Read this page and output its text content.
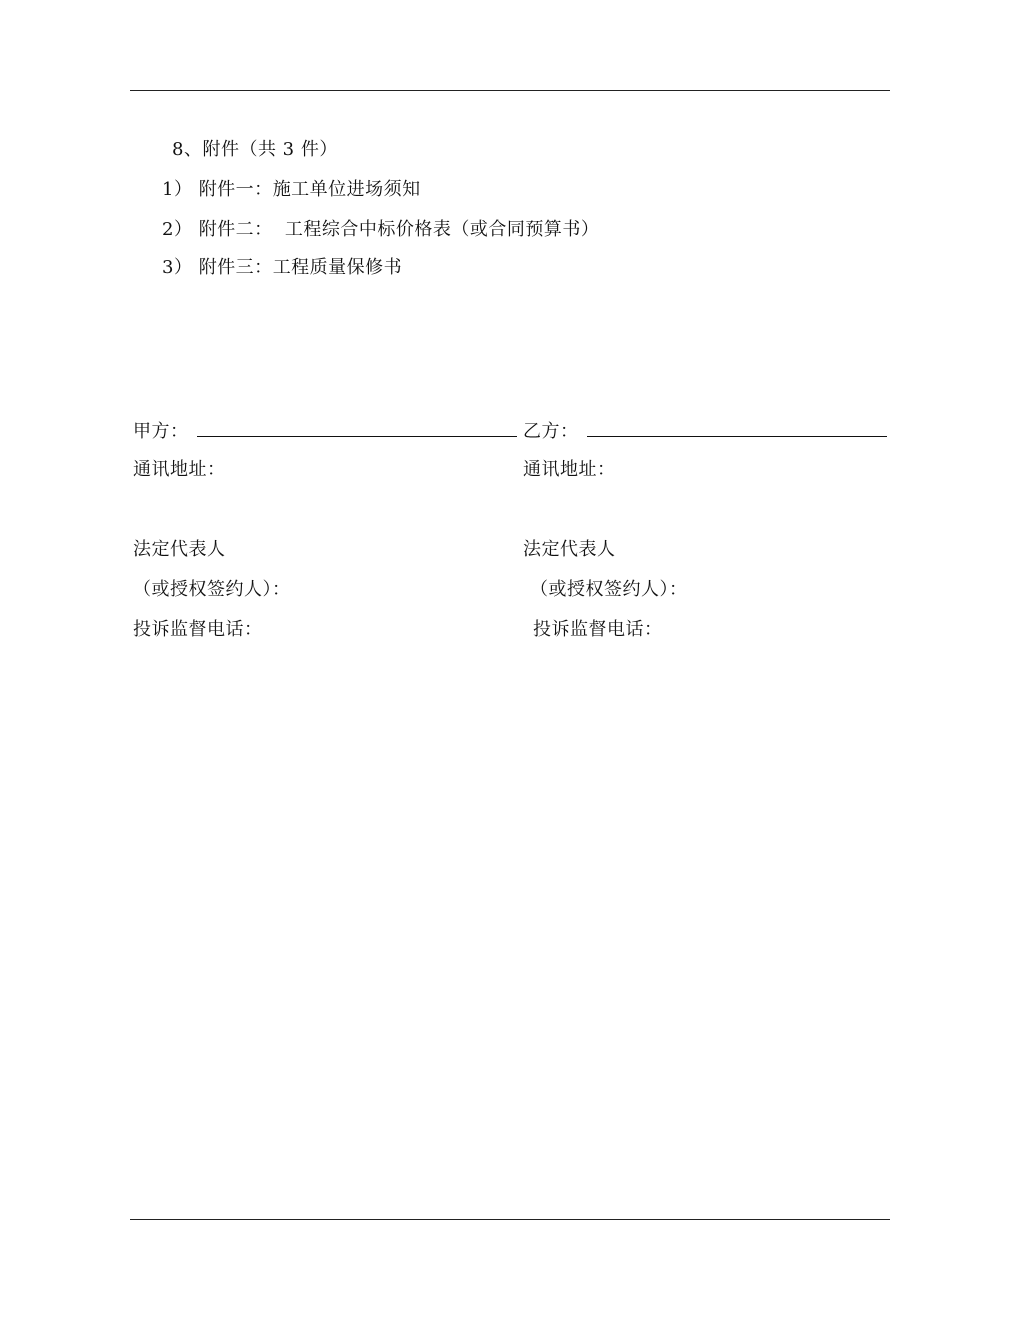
8、附件（共 3 件）
1） 附件一：施工单位进场须知
2） 附件二： 工程综合中标价格表（或合同预算书）
3） 附件三：工程质量保修书
甲方：
通讯地址：
法定代表人
（或授权签约人）：
投诉监督电话：
乙方：
通讯地址：
法定代表人
（或授权签约人）：
投诉监督电话：
